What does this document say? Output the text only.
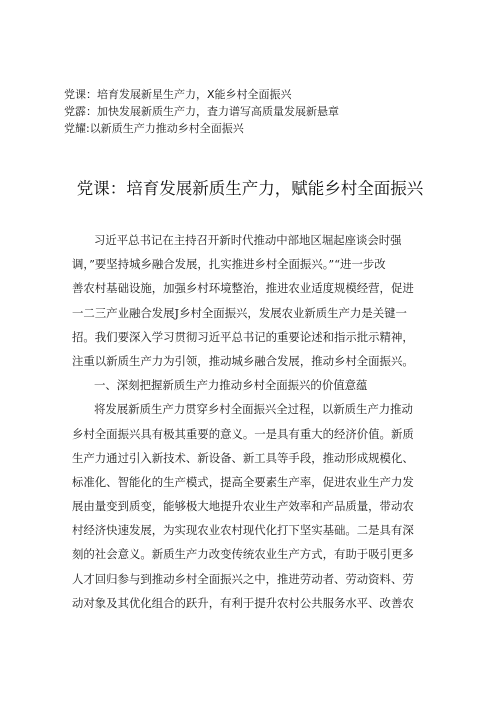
党课：培育发展新星生产力，X能乡村全面振兴
党霹：加快发展新质生产力，査力谱写高质量发展新悬章
党耀:以新质生产力推动乡村全面振兴
党课：培育发展新质生产力，赋能乡村全面振兴
习近平总书记在主持召开新时代推动中部地区堀起座谈会时强
调，”要坚持城乡融合发展，扎实推进乡村全面振兴。”“进一步改
善农村基础设施，加强乡村环境整治，推进农业适度规模经营，促进
一二三产业融合发展J乡村全面振兴，发展农业新质生产力是关键一
招。我们要深入学习贯彻习近平总书记的重要论述和指示批示精神，
注重以新质生产力为引领，推动城乡融合发展，推动乡村全面振兴。
一、深刻把握新质生产力推动乡村全面振兴的价值意蕴
将发展新质生产力贯穿乡村全面振兴全过程，以新质生产力推动
乡村全面振兴具有极其重要的意义。一是具有重大的经济价值。新质
生产力通过引入新技术、新设备、新工具等手段，推动形成规模化、
标准化、智能化的生产模式，提高全要素生产率，促进农业生产力发
展由量变到质变，能够极大地提升农业生产效率和产品质量，带动农
村经济快速发展，为实现农业农村现代化打下坚实基础。二是具有深
刻的社会意义。新质生产力改变传统农业生产方式，有助于吸引更多
人才回归参与到推动乡村全面振兴之中，推进劳动者、劳动资料、劳
动对象及其优化组合的跃升，有利于提升农村公共服务水平、改善农
